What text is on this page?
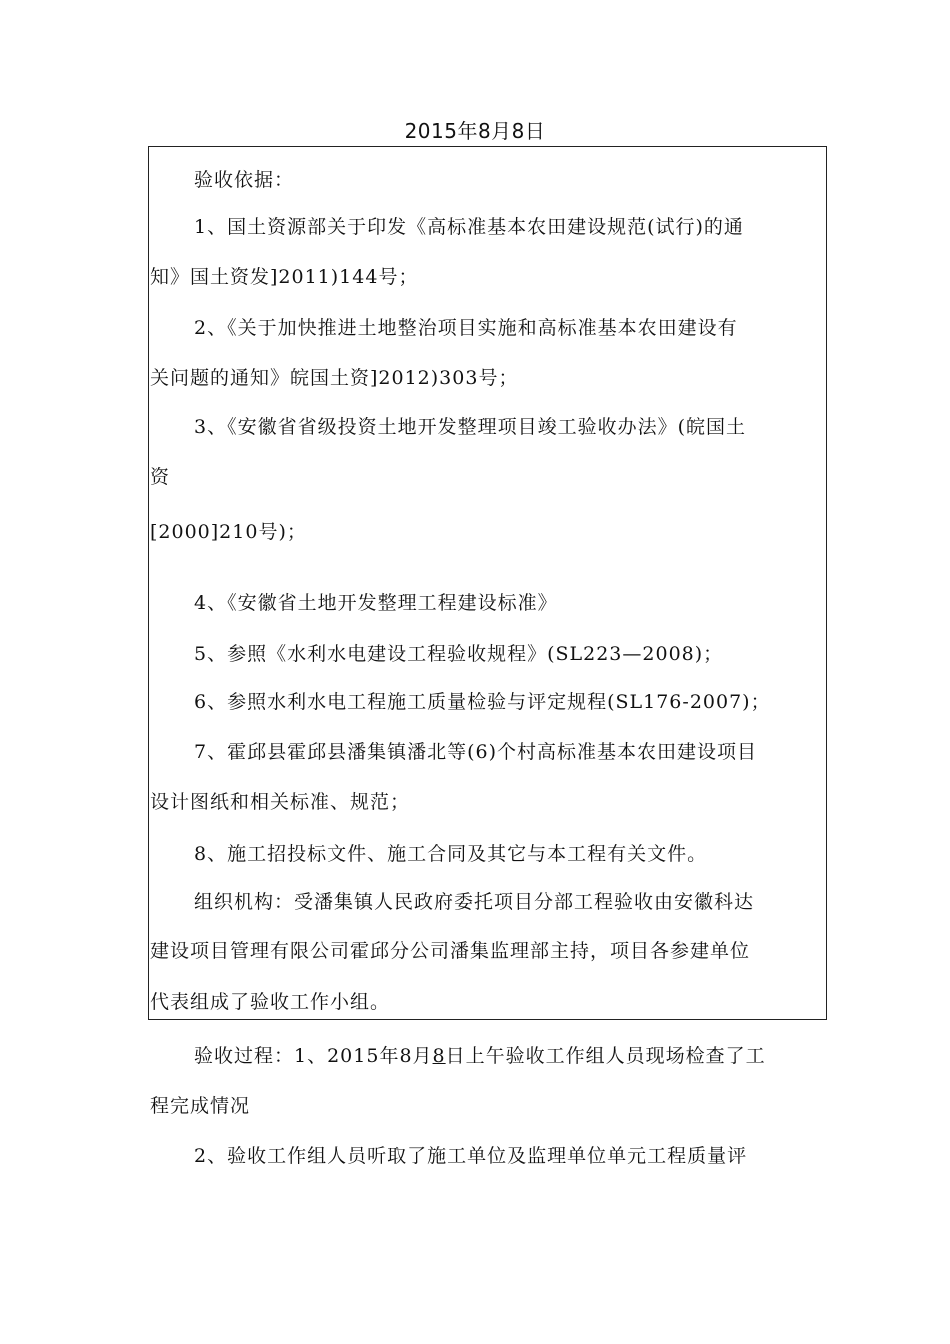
2015年8月8日
验收依据：
1、国土资源部关于印发《高标准基本农田建设规范(试行)的通
知》国土资发]2011)144号；
2、《关于加快推进土地整治项目实施和高标准基本农田建设有
关问题的通知》皖国土资]2012)303号；
3、《安徽省省级投资土地开发整理项目竣工验收办法》(皖国土
资
[2000]210号)；
4、《安徽省土地开发整理工程建设标准》
5、参照《水利水电建设工程验收规程》(SL223—2008)；
6、参照水利水电工程施工质量检验与评定规程(SL176-2007)；
7、霍邱县霍邱县潘集镇潘北等(6)个村高标准基本农田建设项目
设计图纸和相关标准、规范；
8、施工招投标文件、施工合同及其它与本工程有关文件。
组织机构：受潘集镇人民政府委托项目分部工程验收由安徽科达
建设项目管理有限公司霍邱分公司潘集监理部主持，项目各参建单位
代表组成了验收工作小组。
验收过程：1、2015年8月8日上午验收工作组人员现场检查了工
程完成情况
2、验收工作组人员听取了施工单位及监理单位单元工程质量评
